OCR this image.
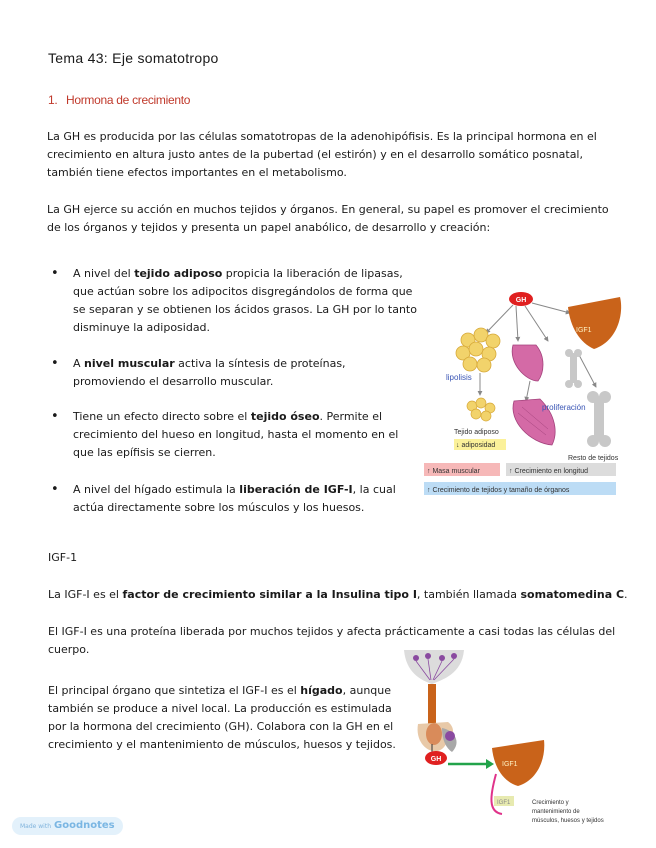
Tema 43: Eje somatotropo
1. Hormona de crecimiento
La GH es producida por las células somatotropas de la adenohipófisis. Es la principal hormona en el crecimiento en altura justo antes de la pubertad (el estirón) y en el desarrollo somático posnatal, también tiene efectos importantes en el metabolismo.
La GH ejerce su acción en muchos tejidos y órganos. En general, su papel es promover el crecimiento de los órganos y tejidos y presenta un papel anabólico, de desarrollo y creación:
• A nivel del tejido adiposo propicia la liberación de lipasas, que actúan sobre los adipocitos disgregándolos de forma que se separan y se obtienen los ácidos grasos. La GH por lo tanto disminuye la adiposidad.
• A nivel muscular activa la síntesis de proteínas, promoviendo el desarrollo muscular.
• Tiene un efecto directo sobre el tejido óseo. Permite el crecimiento del hueso en longitud, hasta el momento en el que las epífisis se cierren.
• A nivel del hígado estimula la liberación de IGF-I, la cual actúa directamente sobre los músculos y los huesos.
GH
lipolisis
Tejido adiposo
↓ adiposidad
IGF1
proliferación
Resto de tejidos
↑ Masa muscular	↑ Crecimiento en longitud
↑ Crecimiento de tejidos y tamaño de órganos
IGF-1
La IGF-I es el factor de crecimiento similar a la Insulina tipo I, también llamada somatomedina C.
El IGF-I es una proteína liberada por muchos tejidos y afecta prácticamente a casi todas las células del cuerpo.
El principal órgano que sintetiza el IGF-I es el hígado, aunque también se produce a nivel local. La producción es estimulada por la hormona del crecimiento (GH). Colabora con la GH en el crecimiento y el mantenimiento de músculos, huesos y tejidos.
GH
IGF1
IGF1	Crecimiento y
mantenimiento de
músculos, huesos y tejidos
Made with Goodnotes
